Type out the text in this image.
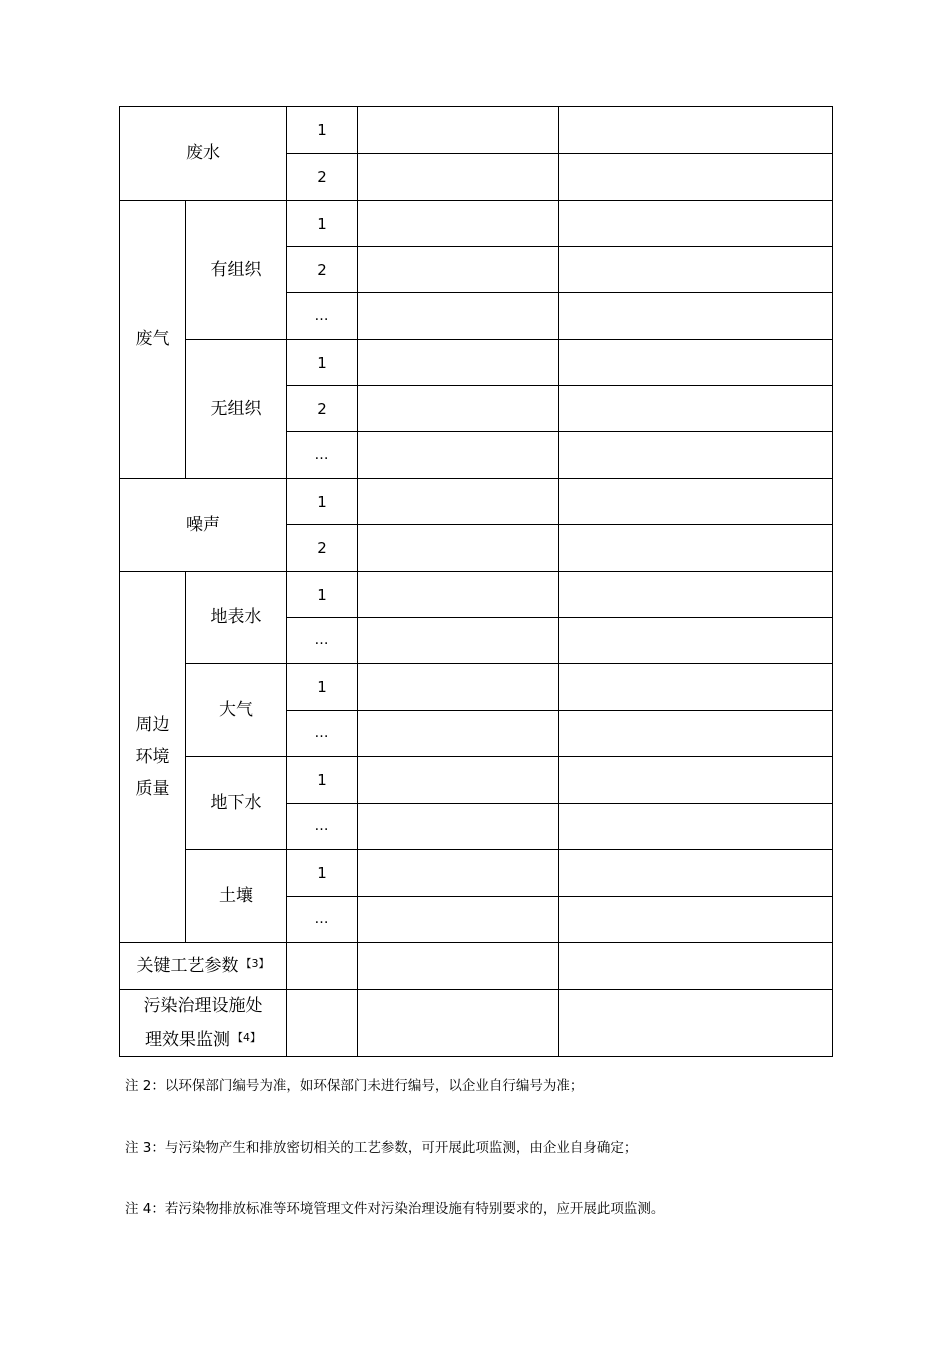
废水		1		
		2		
废气	有组织	1		
		2		
		…		
	无组织	1		
		2		
		…		
噪声		1		
		2		

周边
环境
质量	地表水	1		
		…		
	大气	1		
		…		
	地下水	1		
		…		
	土壤	1		
		…		
关键工艺参数 $^{【3】}$			

污染治理设施处
理效果监测 $^{【4】}$

注 2：以环保部门编号为准，如环保部门未进行编号，以企业自行编号为准；
注 3：与污染物产生和排放密切相关的工艺参数，可开展此项监测，由企业自身确定；
注 4：若污染物排放标准等环境管理文件对污染治理设施有特别要求的，应开展此项监测。
